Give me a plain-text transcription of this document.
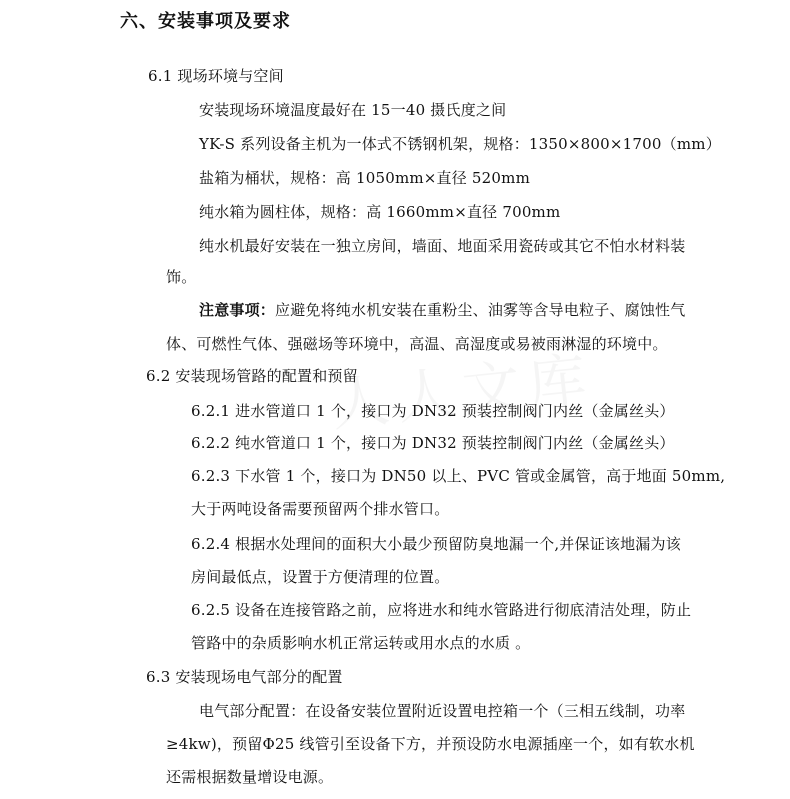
六、安装事项及要求
6.1 现场环境与空间
安装现场环境温度最好在 15一40 摄氏度之间
YK-S 系列设备主机为一体式不锈钢机架，规格：1350×800×1700（mm）
盐箱为桶状，规格：高 1050mm×直径 520mm
纯水箱为圆柱体，规格：高 1660mm×直径 700mm
纯水机最好安装在一独立房间，墙面、地面采用瓷砖或其它不怕水材料装
饰。
注意事项：应避免将纯水机安装在重粉尘、油雾等含导电粒子、腐蚀性气
体、可燃性气体、强磁场等环境中，高温、高湿度或易被雨淋湿的环境中。
6.2 安装现场管路的配置和预留
6.2.1 进水管道口 1 个，接口为 DN32 预装控制阀门内丝（金属丝头）
6.2.2 纯水管道口 1 个，接口为 DN32 预装控制阀门内丝（金属丝头）
6.2.3 下水管 1 个，接口为 DN50 以上、PVC 管或金属管，高于地面 50mm,
大于两吨设备需要预留两个排水管口。
6.2.4 根据水处理间的面积大小最少预留防臭地漏一个,并保证该地漏为该
房间最低点，设置于方便清理的位置。
6.2.5 设备在连接管路之前，应将进水和纯水管路进行彻底清洁处理，防止
管路中的杂质影响水机正常运转或用水点的水质 。
6.3 安装现场电气部分的配置
电气部分配置：在设备安装位置附近设置电控箱一个（三相五线制，功率
≥4kw)，预留Φ25 线管引至设备下方，并预设防水电源插座一个，如有软水机
还需根据数量增设电源。
